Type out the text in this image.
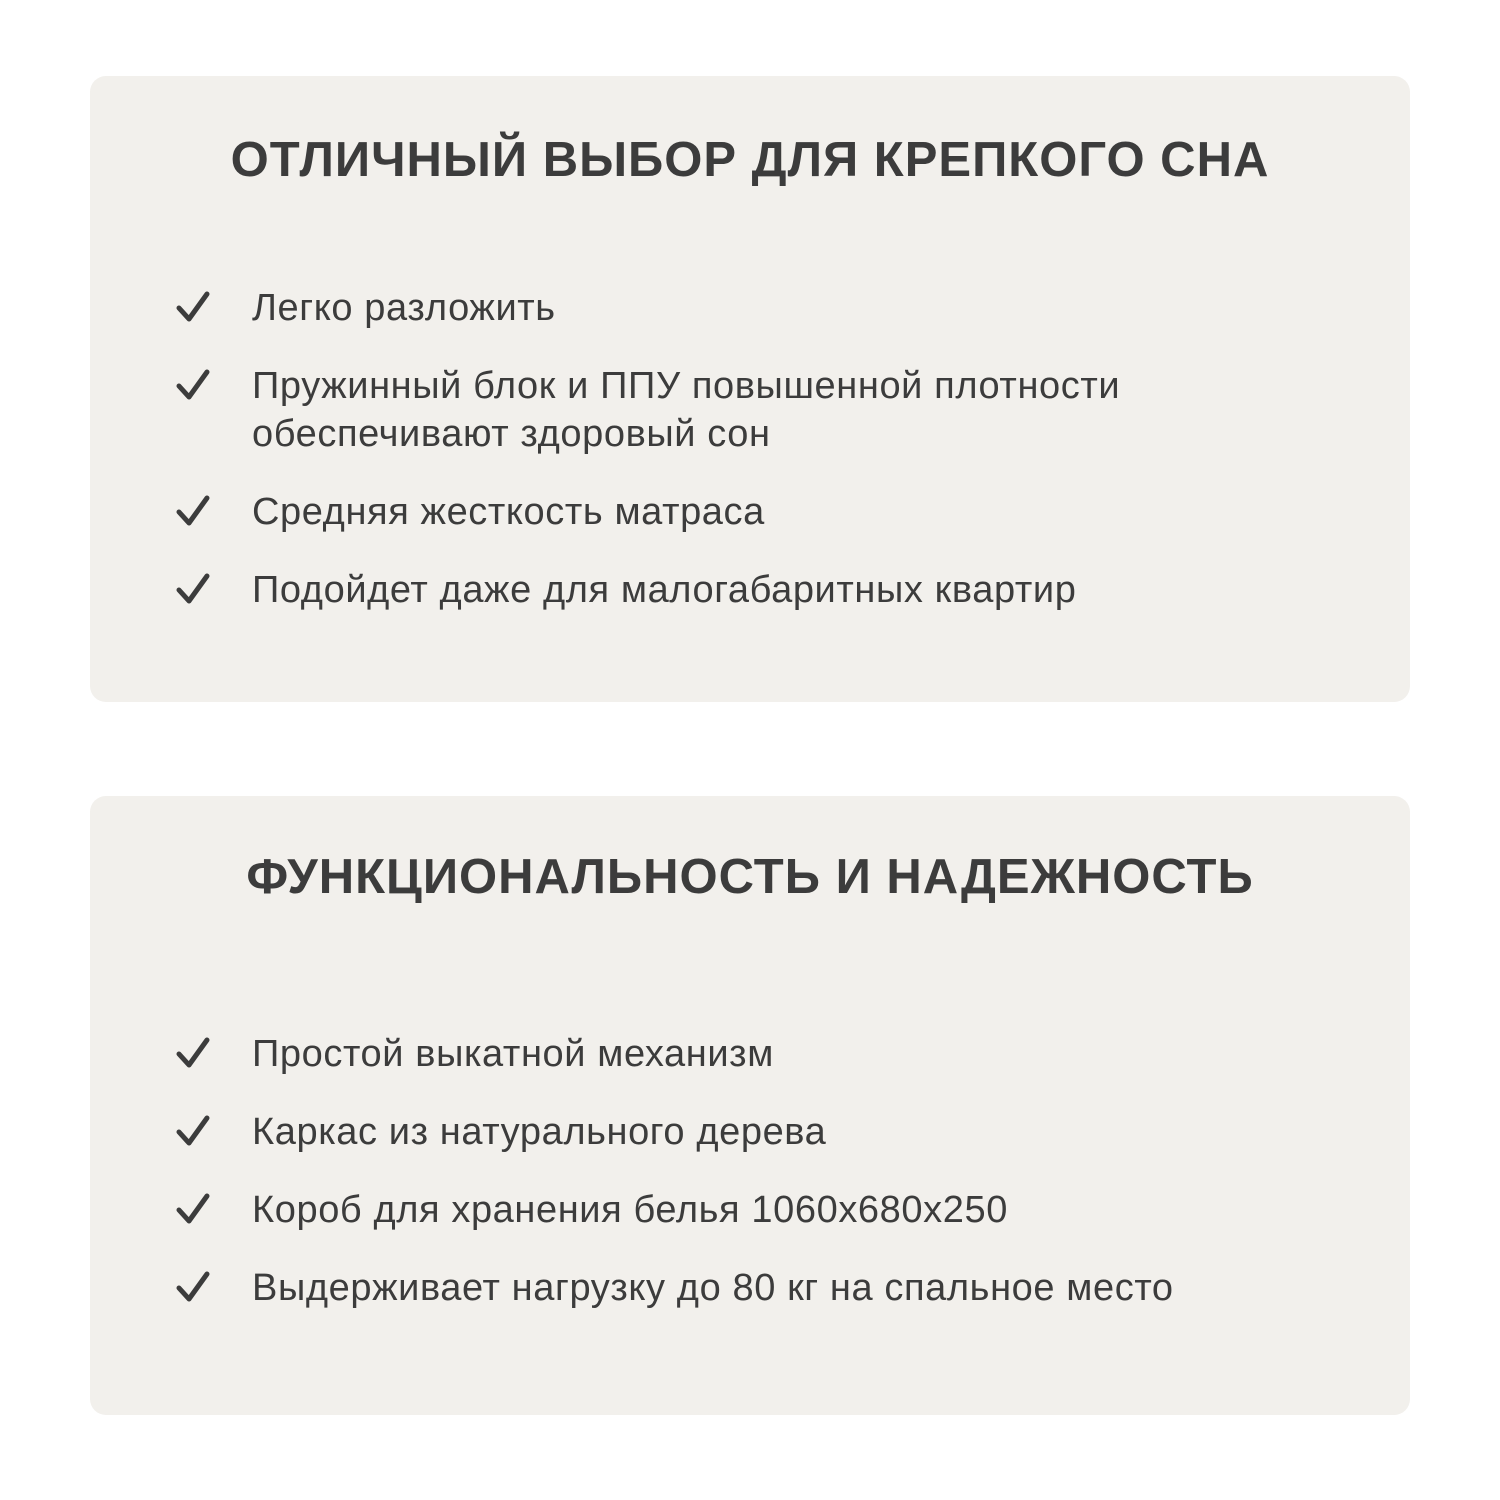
ОТЛИЧНЫЙ ВЫБОР ДЛЯ КРЕПКОГО СНА
Легко разложить
Пружинный блок и ППУ повышенной плотности обеспечивают здоровый сон
Средняя жесткость матраса
Подойдет даже для малогабаритных квартир
ФУНКЦИОНАЛЬНОСТЬ И НАДЕЖНОСТЬ
Простой выкатной механизм
Каркас из натурального дерева
Короб для хранения белья 1060х680х250
Выдерживает нагрузку до 80 кг на спальное место
